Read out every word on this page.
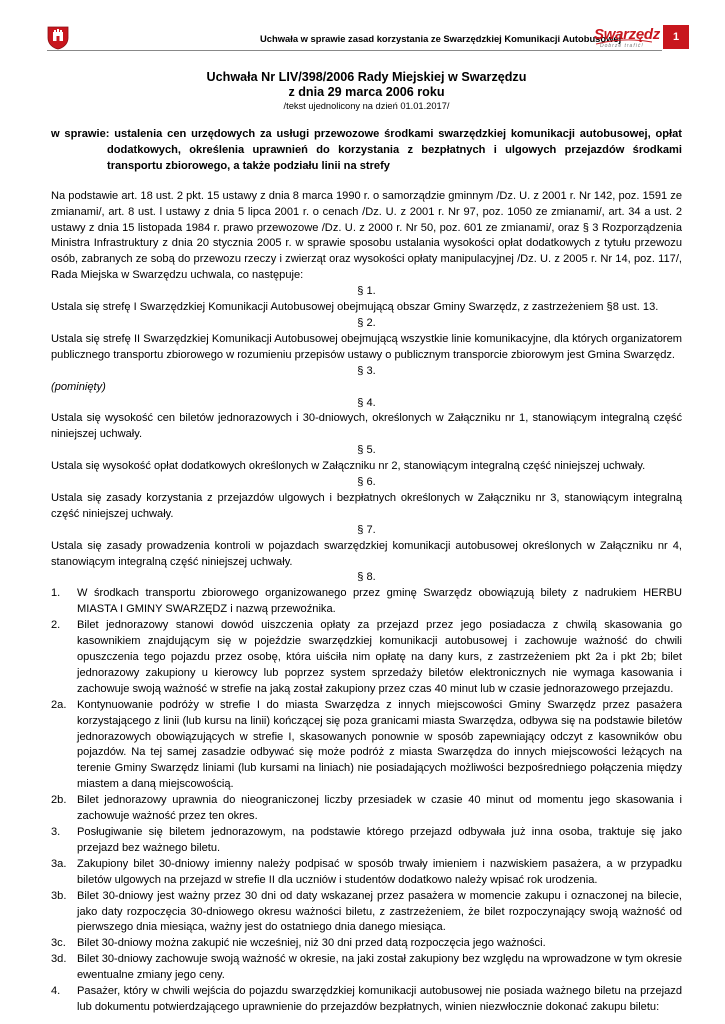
Uchwała w sprawie zasad korzystania ze Swarzędzkiej Komunikacji Autobusowej
Swarzędz
Dobrze trafić!
1
Uchwała Nr LIV/398/2006 Rady Miejskiej w Swarzędzu
z dnia 29 marca 2006 roku
/tekst ujednolicony na dzień 01.01.2017/
w sprawie: ustalenia cen urzędowych za usługi przewozowe środkami swarzędzkiej komunikacji autobusowej, opłat dodatkowych, określenia uprawnień do korzystania z bezpłatnych i ulgowych przejazdów środkami transportu zbiorowego, a także podziału linii na strefy
Na podstawie art. 18 ust. 2 pkt. 15 ustawy z dnia 8 marca 1990 r. o samorządzie gminnym /Dz. U. z 2001 r. Nr 142, poz. 1591 ze zmianami/, art. 8 ust. l ustawy z dnia 5 lipca 2001 r. o cenach /Dz. U. z 2001 r. Nr 97, poz. 1050 ze zmianami/, art. 34 a ust. 2 ustawy z dnia 15 listopada 1984 r. prawo przewozowe /Dz. U. z 2000 r. Nr 50, poz. 601 ze zmianami/, oraz § 3 Rozporządzenia Ministra Infrastruktury z dnia 20 stycznia 2005 r. w sprawie sposobu ustalania wysokości opłat dodatkowych z tytułu przewozu osób, zabranych ze sobą do przewozu rzeczy i zwierząt oraz wysokości opłaty manipulacyjnej /Dz. U. z 2005 r. Nr 14, poz. 117/, Rada Miejska w Swarzędzu uchwala, co następuje:
§ 1.
Ustala się strefę I Swarzędzkiej Komunikacji Autobusowej obejmującą obszar Gminy Swarzędz, z zastrzeżeniem §8 ust. 13.
§ 2.
Ustala się strefę II Swarzędzkiej Komunikacji Autobusowej obejmującą wszystkie linie komunikacyjne, dla których organizatorem publicznego transportu zbiorowego w rozumieniu przepisów ustawy o publicznym transporcie zbiorowym jest Gmina Swarzędz.
§ 3.
(pominięty)
§ 4.
Ustala się wysokość cen biletów jednorazowych i 30-dniowych, określonych w Załączniku nr 1, stanowiącym integralną część niniejszej uchwały.
§ 5.
Ustala się wysokość opłat dodatkowych określonych w Załączniku nr 2, stanowiącym integralną część niniejszej uchwały.
§ 6.
Ustala się zasady korzystania z przejazdów ulgowych i bezpłatnych określonych w Załączniku nr 3, stanowiącym integralną część niniejszej uchwały.
§ 7.
Ustala się zasady prowadzenia kontroli w pojazdach swarzędzkiej komunikacji autobusowej określonych w Załączniku nr 4, stanowiącym integralną część niniejszej uchwały.
§ 8.
1.	W środkach transportu zbiorowego organizowanego przez gminę Swarzędz obowiązują bilety z nadrukiem HERBU MIASTA I GMINY SWARZĘDZ i nazwą przewoźnika.
2.	Bilet jednorazowy stanowi dowód uiszczenia opłaty za przejazd przez jego posiadacza z chwilą skasowania go kasownikiem znajdującym się w pojeździe swarzędzkiej komunikacji autobusowej i zachowuje ważność do chwili opuszczenia tego pojazdu przez osobę, która uiściła nim opłatę na dany kurs, z zastrzeżeniem pkt 2a i pkt 2b; bilet jednorazowy zakupiony u kierowcy lub poprzez system sprzedaży biletów elektronicznych nie wymaga kasowania i zachowuje swoją ważność w strefie na jaką został zakupiony przez czas 40 minut lub w czasie jednorazowego przejazdu.
2a. Kontynuowanie podróży w strefie I do miasta Swarzędza z innych miejscowości Gminy Swarzędz przez pasażera korzystającego z linii (lub kursu na linii) kończącej się poza granicami miasta Swarzędza, odbywa się na podstawie biletów jednorazowych obowiązujących w strefie I, skasowanych ponownie w sposób zapewniający odczyt z kasowników obu pojazdów. Na tej samej zasadzie odbywać się może podróż z miasta Swarzędza do innych miejscowości leżących na terenie Gminy Swarzędz liniami (lub kursami na liniach) nie posiadających możliwości bezpośredniego połączenia między miastem a daną miejscowością.
2b. Bilet jednorazowy uprawnia do nieograniczonej liczby przesiadek w czasie 40 minut od momentu jego skasowania i zachowuje ważność przez ten okres.
3.	Posługiwanie się biletem jednorazowym, na podstawie którego przejazd odbywała już inna osoba, traktuje się jako przejazd bez ważnego biletu.
3a. Zakupiony bilet 30-dniowy imienny należy podpisać w sposób trwały imieniem i nazwiskiem pasażera, a w przypadku biletów ulgowych na przejazd w strefie II dla uczniów i studentów dodatkowo należy wpisać rok urodzenia.
3b. Bilet 30-dniowy jest ważny przez 30 dni od daty wskazanej przez pasażera w momencie zakupu i oznaczonej na bilecie, jako daty rozpoczęcia 30-dniowego okresu ważności biletu, z zastrzeżeniem, że bilet rozpoczynający swoją ważność od pierwszego dnia miesiąca, ważny jest do ostatniego dnia danego miesiąca.
3c.	Bilet 30-dniowy można zakupić nie wcześniej, niż 30 dni przed datą rozpoczęcia jego ważności.
3d. Bilet 30-dniowy zachowuje swoją ważność w okresie, na jaki został zakupiony bez względu na wprowadzone w tym okresie ewentualne zmiany jego ceny.
4.	Pasażer, który w chwili wejścia do pojazdu swarzędzkiej komunikacji autobusowej nie posiada ważnego biletu na przejazd lub dokumentu potwierdzającego uprawnienie do przejazdów bezpłatnych, winien niezwłocznie dokonać zakupu biletu:
